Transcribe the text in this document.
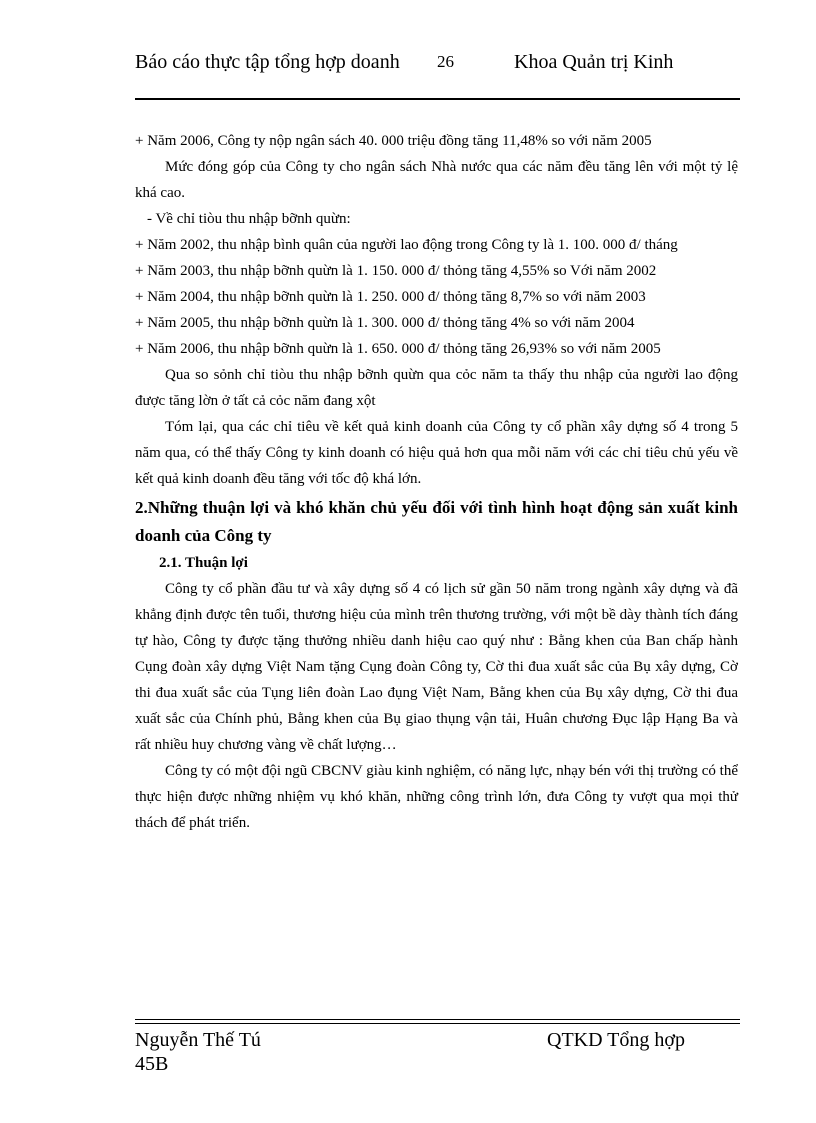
Báo cáo thực tập tổng hợp doanh	26	Khoa Quản trị Kinh

+ Năm 2006, Công ty nộp ngân sách 40. 000 triệu đồng tăng 11,48% so với năm 2005

Mức đóng góp của Công ty cho ngân sách Nhà nước qua các năm đều tăng lên với một tỷ lệ khá cao.

- Về chỉ tiòu thu nhập bỡnh quừn:

+ Năm 2002, thu nhập bình quân của người lao động trong Công ty là 1. 100. 000 đ/ tháng

+ Năm 2003, thu nhập bỡnh quừn là 1. 150. 000 đ/ thỏng tăng 4,55% so Với năm 2002

+ Năm 2004, thu nhập bỡnh quừn là 1. 250. 000 đ/ thỏng tăng 8,7% so với năm 2003

+ Năm 2005, thu nhập bỡnh quừn là 1. 300. 000 đ/ thỏng tăng 4% so với năm 2004

+ Năm 2006, thu nhập bỡnh quừn là 1. 650. 000 đ/ thỏng tăng 26,93% so với năm 2005

Qua so sỏnh chỉ tiòu thu nhập bỡnh quừn qua cỏc năm ta thấy thu nhập của người lao động được tăng lờn ở tất cả cỏc năm đang xột

Tóm lại, qua các chỉ tiêu về kết quả kinh doanh của Công ty cổ phần xây dựng số 4 trong 5 năm qua, có thể thấy Công ty kinh doanh có hiệu quả hơn qua mỗi năm với các chỉ tiêu chủ yếu về kết quả kinh doanh đều tăng với tốc độ khá lớn.

2.Những thuận lợi và khó khăn chủ yếu đối với tình hình hoạt động sản xuất kinh doanh của Công ty

2.1. Thuận lợi

Công ty cổ phần đầu tư và xây dựng số 4 có lịch sử gần 50 năm trong ngành xây dựng và đã khẳng định được tên tuổi, thương hiệu của mình trên thương trường, với một bề dày thành tích đáng tự hào, Công ty được tặng thưởng nhiều danh hiệu cao quý như : Bằng khen của Ban chấp hành Cụng đoàn xây dựng Việt Nam tặng Cụng đoàn Công ty, Cờ thi đua xuất sắc của Bụ xây dựng, Cờ thi đua xuất sắc của Tụng liên đoàn Lao đụng Việt Nam, Bằng khen của Bụ xây dựng, Cờ thi đua xuất sắc của Chính phủ, Bằng khen của Bụ giao thụng vận tải, Huân chương Đục lập Hạng Ba và rất nhiều huy chương vàng về chất lượng…

Công ty có một đội ngũ CBCNV giàu kinh nghiệm, có năng lực, nhạy bén với thị trường có thể thực hiện được những nhiệm vụ khó khăn, những công trình lớn, đưa Công ty vượt qua mọi thử thách để phát triển.

Nguyễn Thế Tú 45B
QTKD Tổng hợp
